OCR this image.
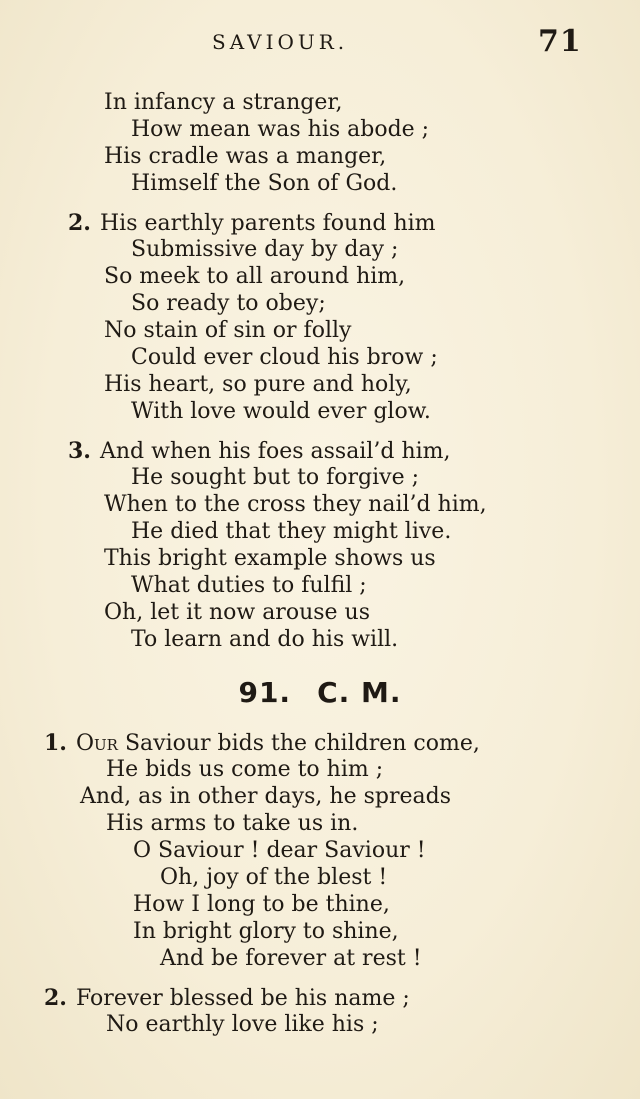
SAVIOUR.	71
In infancy a stranger,
How mean was his abode ;
His cradle was a manger,
Himself the Son of God.
2. His earthly parents found him
Submissive day by day ;
So meek to all around him,
So ready to obey;
No stain of sin or folly
Could ever cloud his brow ;
His heart, so pure and holy,
With love would ever glow.
3. And when his foes assail’d him,
He sought but to forgive ;
When to the cross they nail’d him,
He died that they might live.
This bright example shows us
What duties to fulfil ;
Oh, let it now arouse us
To learn and do his will.
91. C. M.
1. Our Saviour bids the children come,
He bids us come to him ;
And, as in other days, he spreads
His arms to take us in.
O Saviour ! dear Saviour !
Oh, joy of the blest !
How I long to be thine,
In bright glory to shine,
And be forever at rest !
2. Forever blessed be his name ;
No earthly love like his ;
